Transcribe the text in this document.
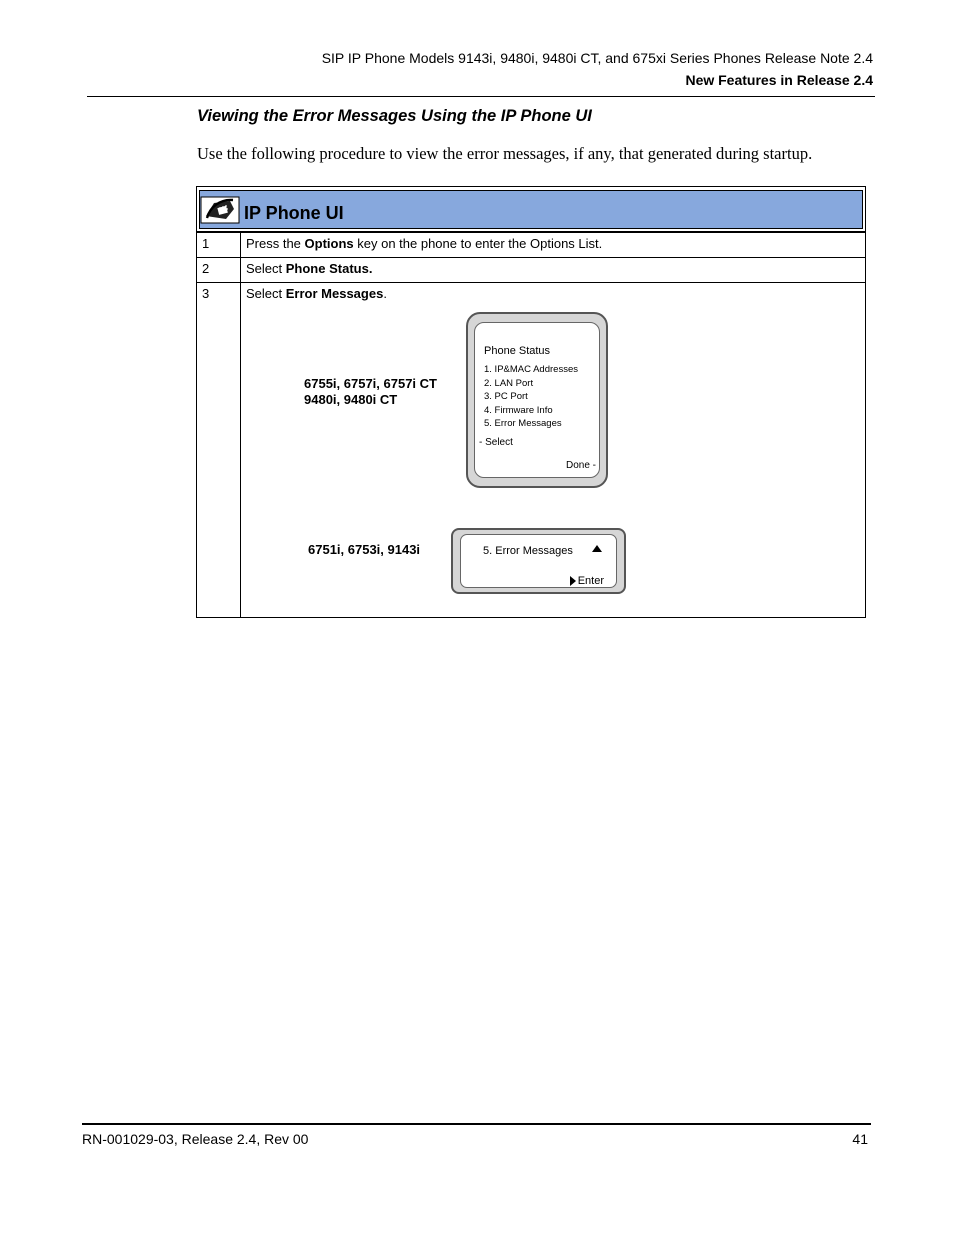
SIP IP Phone Models 9143i, 9480i, 9480i CT, and 675xi Series Phones Release Note 2.4
New Features in Release 2.4
Viewing the Error Messages Using the IP Phone UI
Use the following procedure to view the error messages, if any, that generated during startup.
IP Phone UI
1	Press the Options key on the phone to enter the Options List.
2	Select Phone Status.
3	Select Error Messages.
6755i, 6757i, 6757i CT
9480i, 9480i CT
6751i, 6753i, 9143i
Phone Status
1. IP&MAC Addresses
2. LAN Port
3. PC Port
4. Firmware Info
5. Error Messages
- Select
Done -
5. Error Messages
Enter
RN-001029-03, Release 2.4, Rev 00	41
